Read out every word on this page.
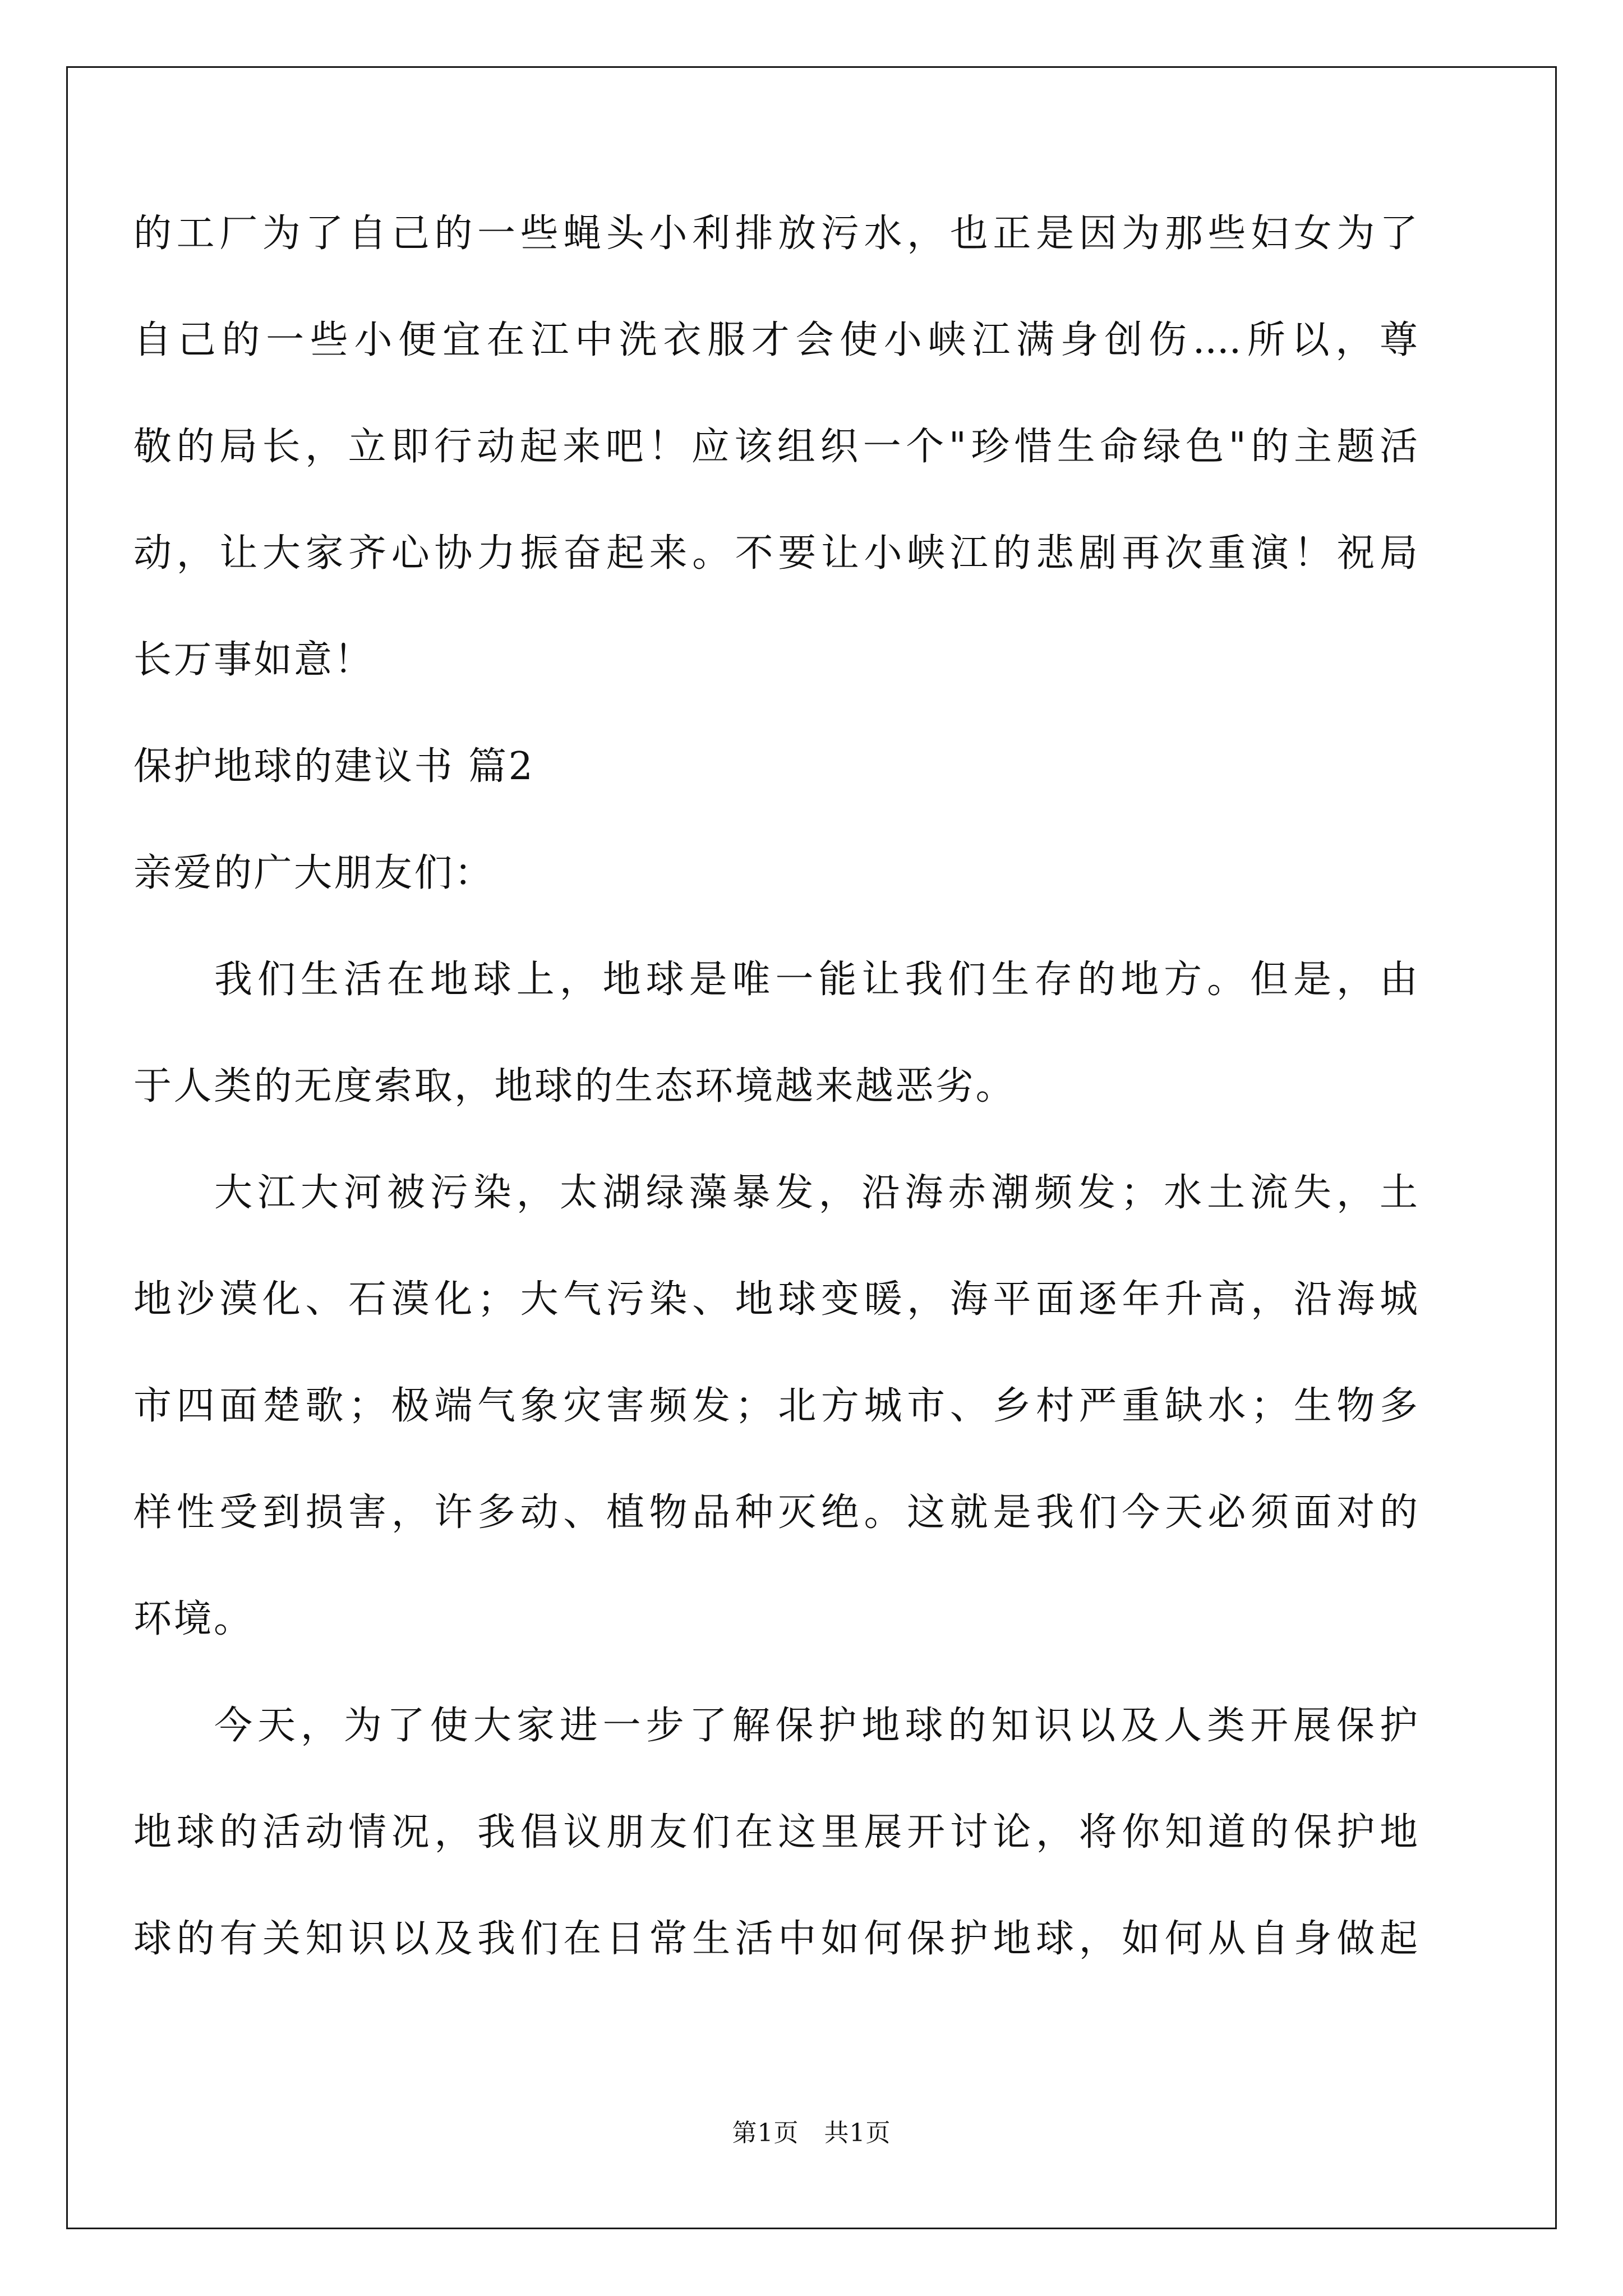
的工厂为了自己的一些蝇头小利排放污水，也正是因为那些妇女为了
自己的一些小便宜在江中洗衣服才会使小峡江满身创伤....所以，尊
敬的局长，立即行动起来吧！应该组织一个"珍惜生命绿色"的主题活
动，让大家齐心协力振奋起来。不要让小峡江的悲剧再次重演！祝局
长万事如意！
保护地球的建议书 篇2
亲爱的广大朋友们：
我们生活在地球上，地球是唯一能让我们生存的地方。但是，由
于人类的无度索取，地球的生态环境越来越恶劣。
大江大河被污染，太湖绿藻暴发，沿海赤潮频发；水土流失，土
地沙漠化、石漠化；大气污染、地球变暖，海平面逐年升高，沿海城
市四面楚歌；极端气象灾害频发；北方城市、乡村严重缺水；生物多
样性受到损害，许多动、植物品种灭绝。这就是我们今天必须面对的
环境。
今天，为了使大家进一步了解保护地球的知识以及人类开展保护
地球的活动情况，我倡议朋友们在这里展开讨论，将你知道的保护地
球的有关知识以及我们在日常生活中如何保护地球，如何从自身做起
第1页　共1页
